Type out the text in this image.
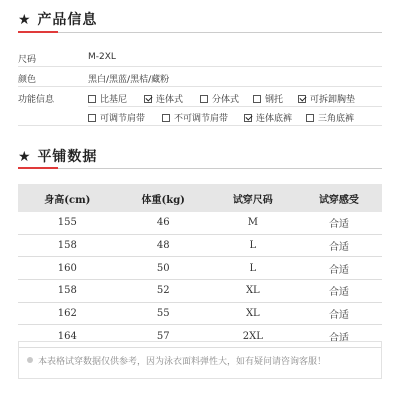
★ 产品信息
尺码	M-2XL
颜色	黑白/黑蓝/黑桔/藏粉
功能信息	比基尼	连体式	分体式	钢托	可拆卸胸垫
可调节肩带	不可调节肩带	连体底裤	三角底裤
★ 平铺数据
身高(cm)	体重(kg)	试穿尺码	试穿感受
155	46	M	合适
158	48	L	合适
160	50	L	合适
158	52	XL	合适
162	55	XL	合适
164	57	2XL	合适
本表格试穿数据仅供参考，因为泳衣面料弹性大，如有疑问请咨询客服！
